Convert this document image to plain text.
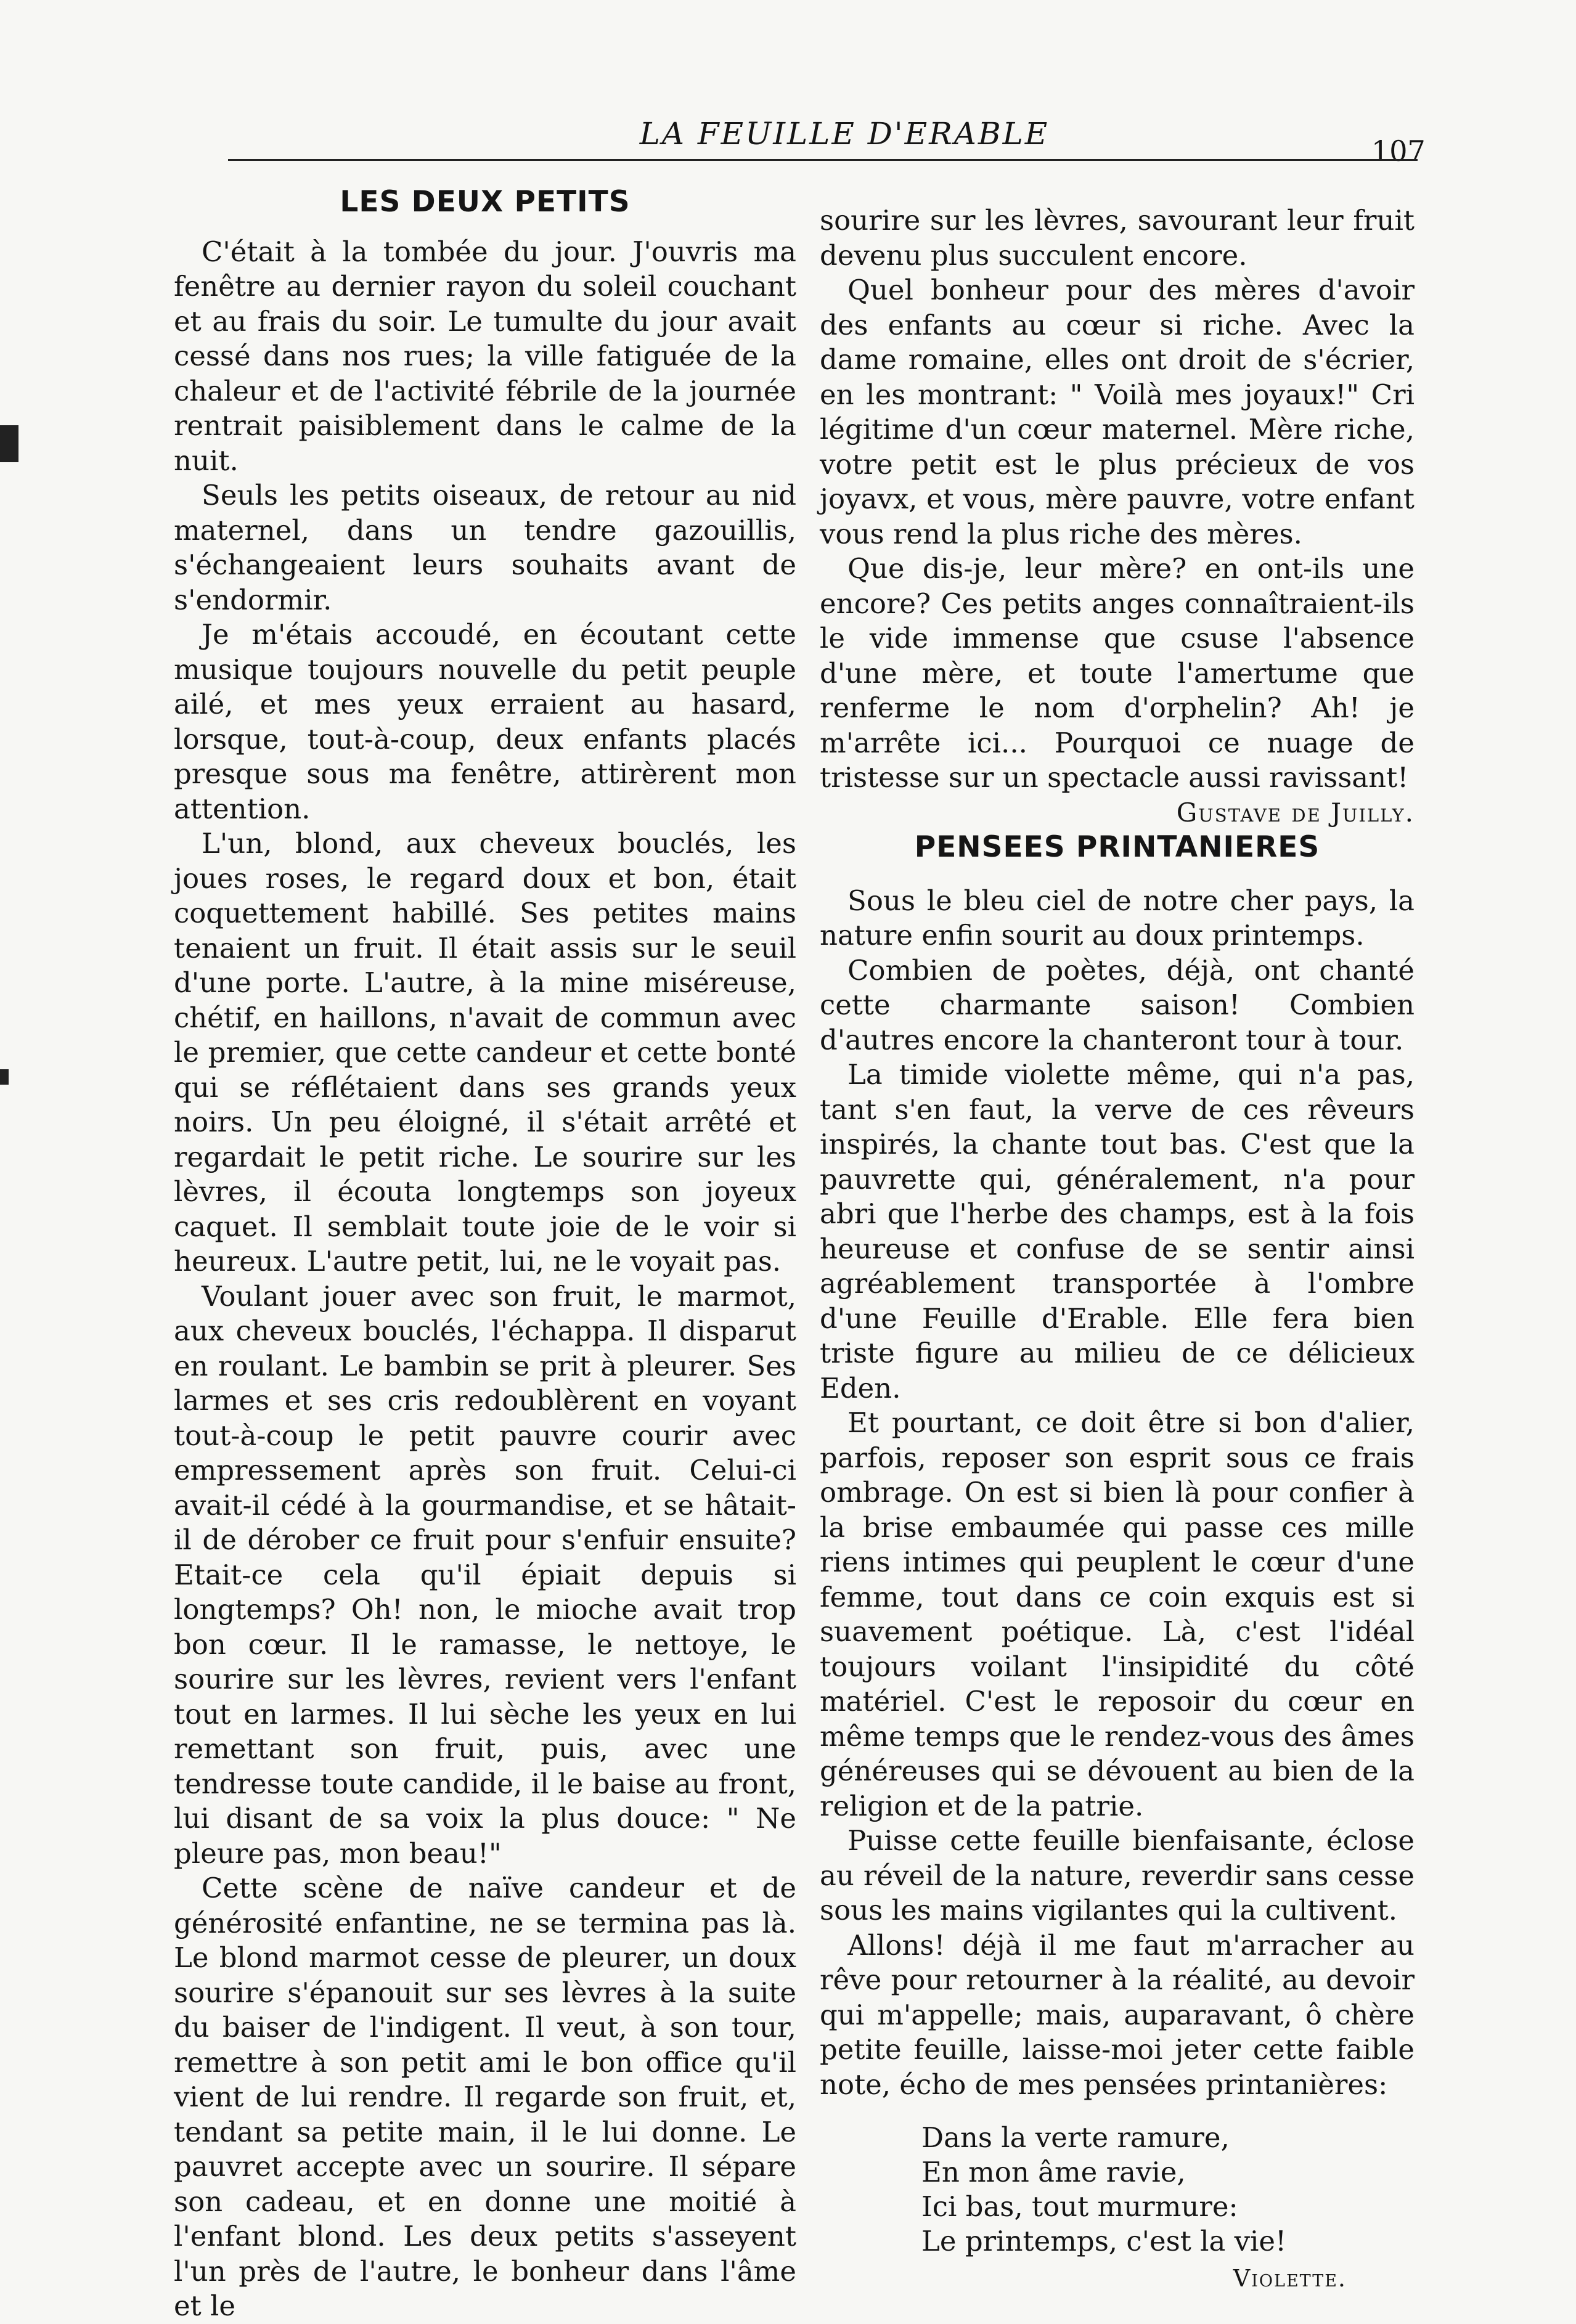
LA FEUILLE D'ERABLE	107
LES DEUX PETITS

C'était à la tombée du jour. J'ouvris ma fenêtre au dernier rayon du soleil couchant et au frais du soir. Le tumulte du jour avait cessé dans nos rues; la ville fatiguée de la chaleur et de l'activité fébrile de la journée rentrait paisiblement dans le calme de la nuit.

Seuls les petits oiseaux, de retour au nid maternel, dans un tendre gazouillis, s'échangeaient leurs souhaits avant de s'endormir.

Je m'étais accoudé, en écoutant cette musique toujours nouvelle du petit peuple ailé, et mes yeux erraient au hasard, lorsque, tout-à-coup, deux enfants placés presque sous ma fenêtre, attirèrent mon attention.

L'un, blond, aux cheveux bouclés, les joues roses, le regard doux et bon, était coquettement habillé. Ses petites mains tenaient un fruit. Il était assis sur le seuil d'une porte. L'autre, à la mine miséreuse, chétif, en haillons, n'avait de commun avec le premier, que cette candeur et cette bonté qui se réflétaient dans ses grands yeux noirs. Un peu éloigné, il s'était arrêté et regardait le petit riche. Le sourire sur les lèvres, il écouta longtemps son joyeux caquet. Il semblait toute joie de le voir si heureux. L'autre petit, lui, ne le voyait pas.

Voulant jouer avec son fruit, le marmot, aux cheveux bouclés, l'échappa. Il disparut en roulant. Le bambin se prit à pleurer. Ses larmes et ses cris redoublèrent en voyant tout-à-coup le petit pauvre courir avec empressement après son fruit. Celui-ci avait-il cédé à la gourmandise, et se hâtait-il de dérober ce fruit pour s'enfuir ensuite? Etait-ce cela qu'il épiait depuis si longtemps? Oh! non, le mioche avait trop bon cœur. Il le ramasse, le nettoye, le sourire sur les lèvres, revient vers l'enfant tout en larmes. Il lui sèche les yeux en lui remettant son fruit, puis, avec une tendresse toute candide, il le baise au front, lui disant de sa voix la plus douce: " Ne pleure pas, mon beau!"

Cette scène de naïve candeur et de générosité enfantine, ne se termina pas là. Le blond marmot cesse de pleurer, un doux sourire s'épanouit sur ses lèvres à la suite du baiser de l'indigent. Il veut, à son tour, remettre à son petit ami le bon office qu'il vient de lui rendre. Il regarde son fruit, et, tendant sa petite main, il le lui donne. Le pauvret accepte avec un sourire. Il sépare son cadeau, et en donne une moitié à l'enfant blond. Les deux petits s'asseyent l'un près de l'autre, le bonheur dans l'âme et le

sourire sur les lèvres, savourant leur fruit devenu plus succulent encore.

Quel bonheur pour des mères d'avoir des enfants au cœur si riche. Avec la dame romaine, elles ont droit de s'écrier, en les montrant: " Voilà mes joyaux!" Cri légitime d'un cœur maternel. Mère riche, votre petit est le plus précieux de vos joyavx, et vous, mère pauvre, votre enfant vous rend la plus riche des mères.

Que dis-je, leur mère? en ont-ils une encore? Ces petits anges connaîtraient-ils le vide immense que csuse l'absence d'une mère, et toute l'amertume que renferme le nom d'orphelin? Ah! je m'arrête ici... Pourquoi ce nuage de tristesse sur un spectacle aussi ravissant!
Gustave de Juilly.

PENSEES PRINTANIERES

Sous le bleu ciel de notre cher pays, la nature enfin sourit au doux printemps.

Combien de poètes, déjà, ont chanté cette charmante saison! Combien d'autres encore la chanteront tour à tour.

La timide violette même, qui n'a pas, tant s'en faut, la verve de ces rêveurs inspirés, la chante tout bas. C'est que la pauvrette qui, généralement, n'a pour abri que l'herbe des champs, est à la fois heureuse et confuse de se sentir ainsi agréablement transportée à l'ombre d'une Feuille d'Erable. Elle fera bien triste figure au milieu de ce délicieux Eden.

Et pourtant, ce doit être si bon d'alier, parfois, reposer son esprit sous ce frais ombrage. On est si bien là pour confier à la brise embaumée qui passe ces mille riens intimes qui peuplent le cœur d'une femme, tout dans ce coin exquis est si suavement poétique. Là, c'est l'idéal toujours voilant l'insipidité du côté matériel. C'est le reposoir du cœur en même temps que le rendez-vous des âmes généreuses qui se dévouent au bien de la religion et de la patrie.

Puisse cette feuille bienfaisante, éclose au réveil de la nature, reverdir sans cesse sous les mains vigilantes qui la cultivent.

Allons! déjà il me faut m'arracher au rêve pour retourner à la réalité, au devoir qui m'appelle; mais, auparavant, ô chère petite feuille, laisse-moi jeter cette faible note, écho de mes pensées printanières:

Dans la verte ramure,
En mon âme ravie,
Ici bas, tout murmure:
Le printemps, c'est la vie!
Violette.
